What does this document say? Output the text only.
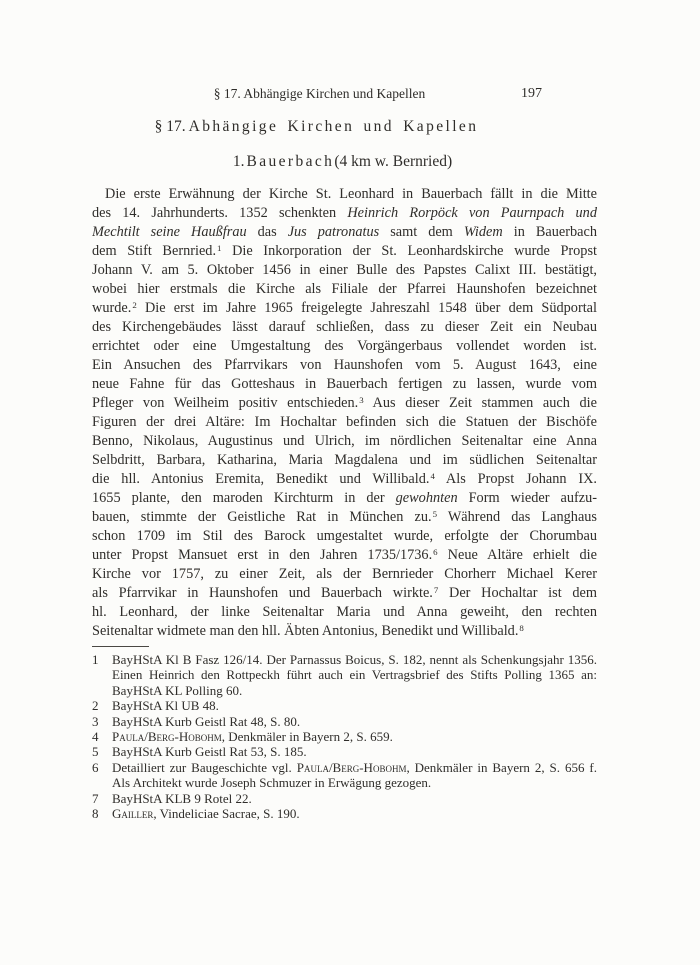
§ 17. Abhängige Kirchen und Kapellen	197
§ 17. Abhängige Kirchen und Kapellen
1. Bauerbach(4 km w. Bernried)
Die erste Erwähnung der Kirche St. Leonhard in Bauerbach fällt in die Mitte
des 14. Jahrhunderts. 1352 schenkten Heinrich Rorpöck von Paurnpach und
Mechtilt seine Haußfrau das Jus patronatus samt dem Widem in Bauerbach
dem Stift Bernried.$^1$ Die Inkorporation der St. Leonhardskirche wurde Propst
Johann V. am 5. Oktober 1456 in einer Bulle des Papstes Calixt III. bestätigt,
wobei hier erstmals die Kirche als Filiale der Pfarrei Haunshofen bezeichnet
wurde.$^2$ Die erst im Jahre 1965 freigelegte Jahreszahl 1548 über dem Südportal
des Kirchengebäudes lässt darauf schließen, dass zu dieser Zeit ein Neubau
errichtet oder eine Umgestaltung des Vorgängerbaus vollendet worden ist.
Ein Ansuchen des Pfarrvikars von Haunshofen vom 5. August 1643, eine
neue Fahne für das Gotteshaus in Bauerbach fertigen zu lassen, wurde vom
Pfleger von Weilheim positiv entschieden.$^3$ Aus dieser Zeit stammen auch die
Figuren der drei Altäre: Im Hochaltar befinden sich die Statuen der Bischöfe
Benno, Nikolaus, Augustinus und Ulrich, im nördlichen Seitenaltar eine Anna
Selbdritt, Barbara, Katharina, Maria Magdalena und im südlichen Seitenaltar
die hll. Antonius Eremita, Benedikt und Willibald.$^4$ Als Propst Johann IX.
1655 plante, den maroden Kirchturm in der gewohnten Form wieder aufzu-
bauen, stimmte der Geistliche Rat in München zu.$^5$ Während das Langhaus
schon 1709 im Stil des Barock umgestaltet wurde, erfolgte der Chorumbau
unter Propst Mansuet erst in den Jahren 1735/1736.$^6$ Neue Altäre erhielt die
Kirche vor 1757, zu einer Zeit, als der Bernrieder Chorherr Michael Kerer
als Pfarrvikar in Haunshofen und Bauerbach wirkte.$^7$ Der Hochaltar ist dem
hl. Leonhard, der linke Seitenaltar Maria und Anna geweiht, den rechten
Seitenaltar widmete man den hll. Äbten Antonius, Benedikt und Willibald.$^8$
1	BayHStA Kl B Fasz 126/14. Der Parnassus Boicus, S. 182, nennt als Schenkungsjahr 1356. Einen Heinrich den Rottpeckh führt auch ein Vertragsbrief des Stifts Polling 1365 an: BayHStA KL Polling 60.
2	BayHStA Kl UB 48.
3	BayHStA Kurb Geistl Rat 48, S. 80.
4	Paula/Berg-Hobohm, Denkmäler in Bayern 2, S. 659.
5	BayHStA Kurb Geistl Rat 53, S. 185.
6	Detailliert zur Baugeschichte vgl. Paula/Berg-Hobohm, Denkmäler in Bayern 2, S. 656 f. Als Architekt wurde Joseph Schmuzer in Erwägung gezogen.
7	BayHStA KLB 9 Rotel 22.
8	Gailler, Vindeliciae Sacrae, S. 190.
